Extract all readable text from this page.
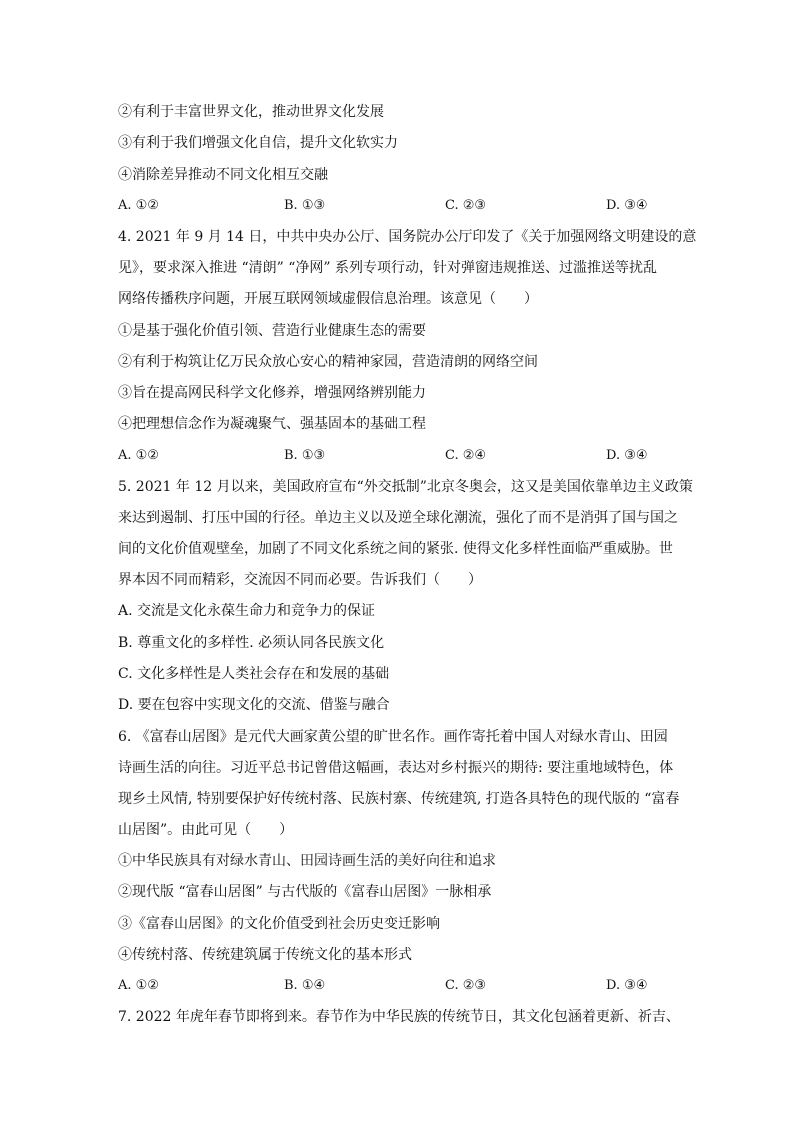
②有利于丰富世界文化，推动世界文化发展
③有利于我们增强文化自信，提升文化软实力
④消除差异推动不同文化相互交融
A. ①②	B. ①③	C. ②③	D. ③④
4. 2021 年 9 月 14 日，中共中央办公厅、国务院办公厅印发了《关于加强网络文明建设的意
见》，要求深入推进 “清朗” “净网” 系列专项行动，针对弹窗违规推送、过滥推送等扰乱
网络传播秩序问题，开展互联网领域虚假信息治理。该意见（　　）
①是基于强化价值引领、营造行业健康生态的需要
②有利于构筑让亿万民众放心安心的精神家园，营造清朗的网络空间
③旨在提高网民科学文化修养，增强网络辨别能力
④把理想信念作为凝魂聚气、强基固本的基础工程
A. ①②	B. ①③	C. ②④	D. ③④
5. 2021 年 12 月以来，美国政府宣布“外交抵制”北京冬奥会，这又是美国依靠单边主义政策
来达到遏制、打压中国的行径。单边主义以及逆全球化潮流，强化了而不是消弭了国与国之
间的文化价值观壁垒，加剧了不同文化系统之间的紧张. 使得文化多样性面临严重威胁。世
界本因不同而精彩，交流因不同而必要。告诉我们（　　）
A. 交流是文化永葆生命力和竞争力的保证
B. 尊重文化的多样性. 必须认同各民族文化
C. 文化多样性是人类社会存在和发展的基础
D. 要在包容中实现文化的交流、借鉴与融合
6. 《富春山居图》是元代大画家黄公望的旷世名作。画作寄托着中国人对绿水青山、田园
诗画生活的向往。习近平总书记曾借这幅画，表达对乡村振兴的期待: 要注重地域特色，体
现乡土风情, 特别要保护好传统村落、民族村寨、传统建筑, 打造各具特色的现代版的 “富春
山居图”。由此可见（　　）
①中华民族具有对绿水青山、田园诗画生活的美好向往和追求
②现代版 “富春山居图” 与古代版的《富春山居图》一脉相承
③《富春山居图》的文化价值受到社会历史变迁影响
④传统村落、传统建筑属于传统文化的基本形式
A. ①②	B. ①④	C. ②③	D. ③④
7. 2022 年虎年春节即将到来。春节作为中华民族的传统节日，其文化包涵着更新、祈吉、
